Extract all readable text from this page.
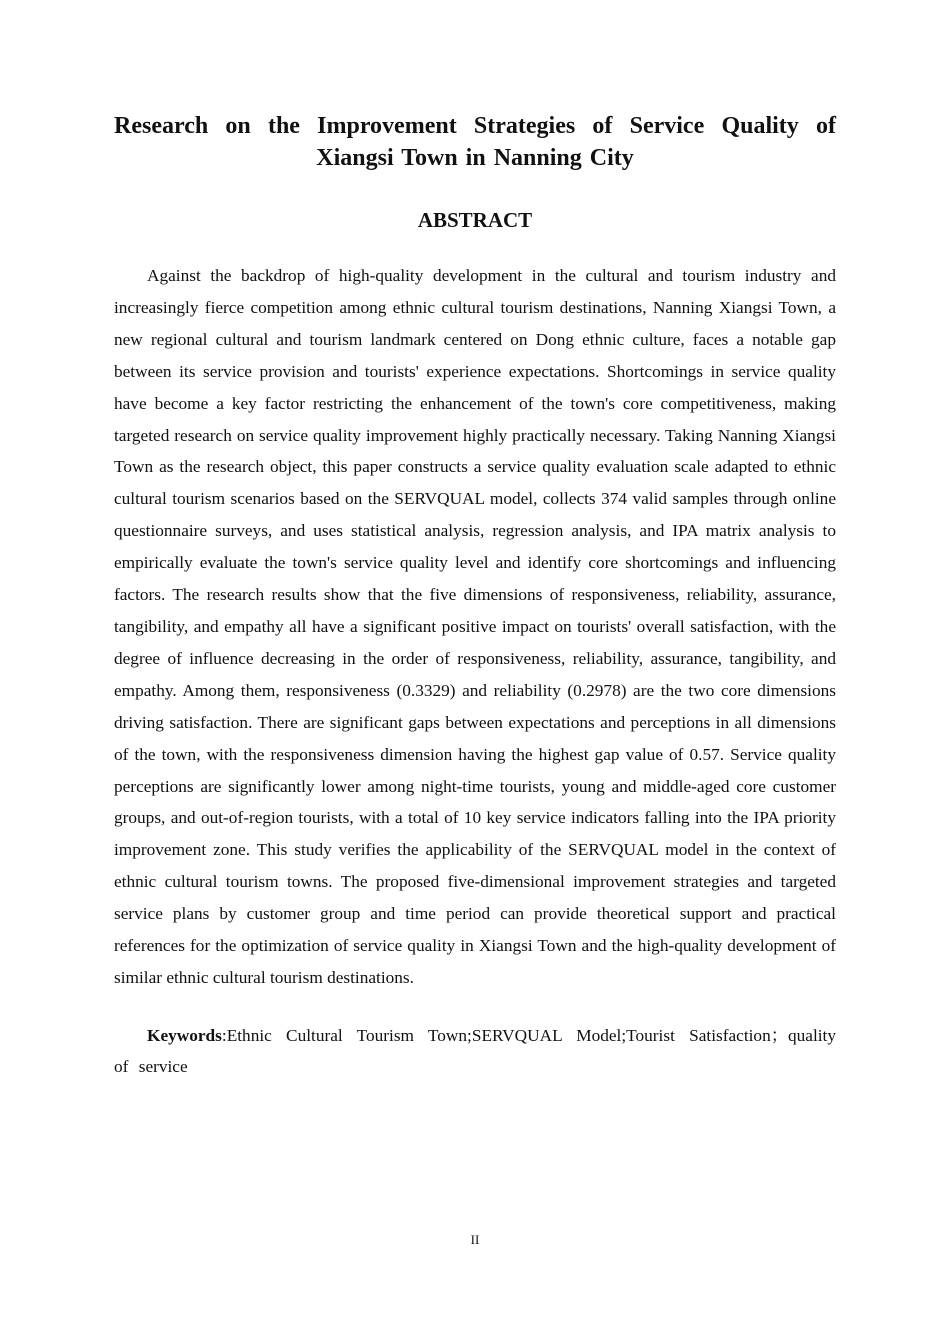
Research on the Improvement Strategies of Service Quality of Xiangsi Town in Nanning City
ABSTRACT

Against the backdrop of high-quality development in the cultural and tourism industry and increasingly fierce competition among ethnic cultural tourism destinations, Nanning Xiangsi Town, a new regional cultural and tourism landmark centered on Dong ethnic culture, faces a notable gap between its service provision and tourists' experience expectations. Shortcomings in service quality have become a key factor restricting the enhancement of the town's core competitiveness, making targeted research on service quality improvement highly practically necessary. Taking Nanning Xiangsi Town as the research object, this paper constructs a service quality evaluation scale adapted to ethnic cultural tourism scenarios based on the SERVQUAL model, collects 374 valid samples through online questionnaire surveys, and uses statistical analysis, regression analysis, and IPA matrix analysis to empirically evaluate the town's service quality level and identify core shortcomings and influencing factors. The research results show that the five dimensions of responsiveness, reliability, assurance, tangibility, and empathy all have a significant positive impact on tourists' overall satisfaction, with the degree of influence decreasing in the order of responsiveness, reliability, assurance, tangibility, and empathy. Among them, responsiveness (0.3329) and reliability (0.2978) are the two core dimensions driving satisfaction. There are significant gaps between expectations and perceptions in all dimensions of the town, with the responsiveness dimension having the highest gap value of 0.57. Service quality perceptions are significantly lower among night-time tourists, young and middle-aged core customer groups, and out-of-region tourists, with a total of 10 key service indicators falling into the IPA priority improvement zone. This study verifies the applicability of the SERVQUAL model in the context of ethnic cultural tourism towns. The proposed five-dimensional improvement strategies and targeted service plans by customer group and time period can provide theoretical support and practical references for the optimization of service quality in Xiangsi Town and the high-quality development of similar ethnic cultural tourism destinations.

Keywords:Ethnic Cultural Tourism Town;SERVQUAL Model;Tourist Satisfaction；quality of service

II
